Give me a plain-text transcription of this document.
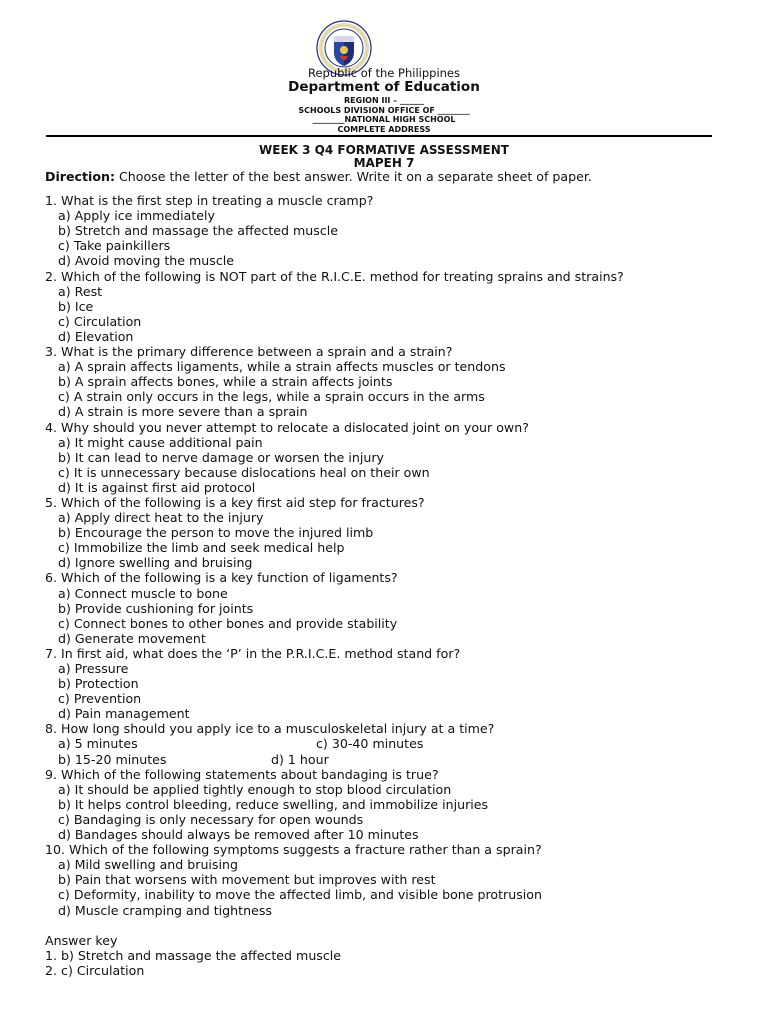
Republic of the Philippines
Department of Education
REGION III – ______
SCHOOLS DIVISION OFFICE OF ________
________NATIONAL HIGH SCHOOL
COMPLETE ADDRESS
WEEK 3 Q4 FORMATIVE ASSESSMENT
MAPEH 7
Direction: Choose the letter of the best answer. Write it on a separate sheet of paper.
1. What is the first step in treating a muscle cramp?
a) Apply ice immediately
b) Stretch and massage the affected muscle
c) Take painkillers
d) Avoid moving the muscle
2. Which of the following is NOT part of the R.I.C.E. method for treating sprains and strains?
a) Rest
b) Ice
c) Circulation
d) Elevation
3. What is the primary difference between a sprain and a strain?
a) A sprain affects ligaments, while a strain affects muscles or tendons
b) A sprain affects bones, while a strain affects joints
c) A strain only occurs in the legs, while a sprain occurs in the arms
d) A strain is more severe than a sprain
4. Why should you never attempt to relocate a dislocated joint on your own?
a) It might cause additional pain
b) It can lead to nerve damage or worsen the injury
c) It is unnecessary because dislocations heal on their own
d) It is against first aid protocol
5. Which of the following is a key first aid step for fractures?
a) Apply direct heat to the injury
b) Encourage the person to move the injured limb
c) Immobilize the limb and seek medical help
d) Ignore swelling and bruising
6. Which of the following is a key function of ligaments?
a) Connect muscle to bone
b) Provide cushioning for joints
c) Connect bones to other bones and provide stability
d) Generate movement
7. In first aid, what does the ‘P’ in the P.R.I.C.E. method stand for?
a) Pressure
b) Protection
c) Prevention
d) Pain management
8. How long should you apply ice to a musculoskeletal injury at a time?
a) 5 minutes	c) 30-40 minutes
b) 15-20 minutes	d) 1 hour
9. Which of the following statements about bandaging is true?
a) It should be applied tightly enough to stop blood circulation
b) It helps control bleeding, reduce swelling, and immobilize injuries
c) Bandaging is only necessary for open wounds
d) Bandages should always be removed after 10 minutes
10. Which of the following symptoms suggests a fracture rather than a sprain?
a) Mild swelling and bruising
b) Pain that worsens with movement but improves with rest
c) Deformity, inability to move the affected limb, and visible bone protrusion
d) Muscle cramping and tightness
Answer key
1. b) Stretch and massage the affected muscle
2. c) Circulation
